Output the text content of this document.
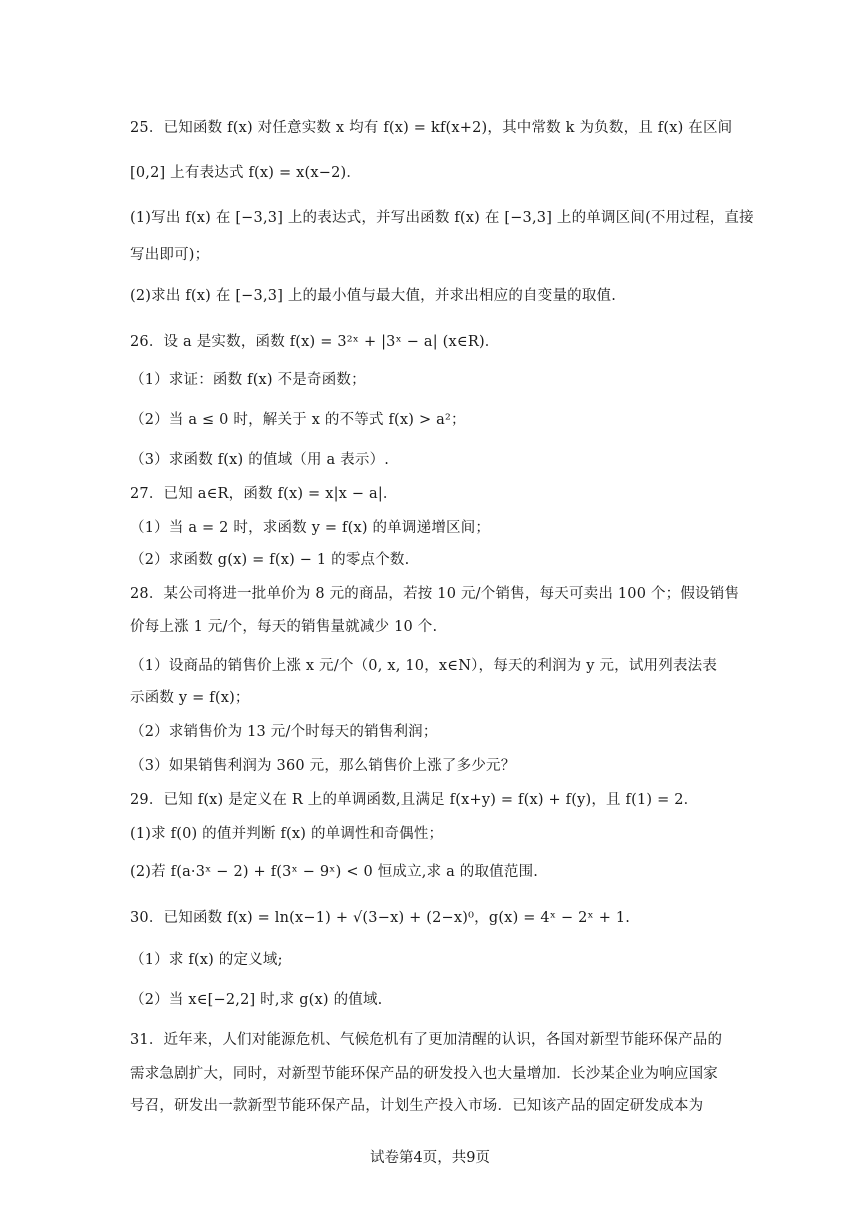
25．已知函数 f(x) 对任意实数 x 均有 f(x) = kf(x+2)，其中常数 k 为负数，且 f(x) 在区间
[0,2] 上有表达式 f(x) = x(x−2)．
(1)写出 f(x) 在 [−3,3] 上的表达式，并写出函数 f(x) 在 [−3,3] 上的单调区间(不用过程，直接
写出即可)；
(2)求出 f(x) 在 [−3,3] 上的最小值与最大值，并求出相应的自变量的取值.
26．设 a 是实数，函数 f(x) = 3²ˣ + |3ˣ − a| (x∈R)．
（1）求证：函数 f(x) 不是奇函数；
（2）当 a ≤ 0 时，解关于 x 的不等式 f(x) > a²；
（3）求函数 f(x) 的值域（用 a 表示）.
27．已知 a∈R，函数 f(x) = x|x − a|．
（1）当 a = 2 时，求函数 y = f(x) 的单调递增区间；
（2）求函数 g(x) = f(x) − 1 的零点个数.
28．某公司将进一批单价为 8 元的商品，若按 10 元/个销售，每天可卖出 100 个；假设销售
价每上涨 1 元/个，每天的销售量就减少 10 个.
（1）设商品的销售价上涨 x 元/个（0, x, 10，x∈N），每天的利润为 y 元，试用列表法表
示函数 y = f(x)；
（2）求销售价为 13 元/个时每天的销售利润；
（3）如果销售利润为 360 元，那么销售价上涨了多少元？
29．已知 f(x) 是定义在 R 上的单调函数,且满足 f(x+y) = f(x) + f(y)，且 f(1) = 2．
(1)求 f(0) 的值并判断 f(x) 的单调性和奇偶性；
(2)若 f(a·3ˣ − 2) + f(3ˣ − 9ˣ) < 0 恒成立,求 a 的取值范围.
30．已知函数 f(x) = ln(x−1) + √(3−x) + (2−x)⁰，g(x) = 4ˣ − 2ˣ + 1.
（1）求 f(x) 的定义域;
（2）当 x∈[−2,2] 时,求 g(x) 的值域.
31．近年来，人们对能源危机、气候危机有了更加清醒的认识，各国对新型节能环保产品的
需求急剧扩大，同时，对新型节能环保产品的研发投入也大量增加．长沙某企业为响应国家
号召，研发出一款新型节能环保产品，计划生产投入市场．已知该产品的固定研发成本为
试卷第4页，共9页
